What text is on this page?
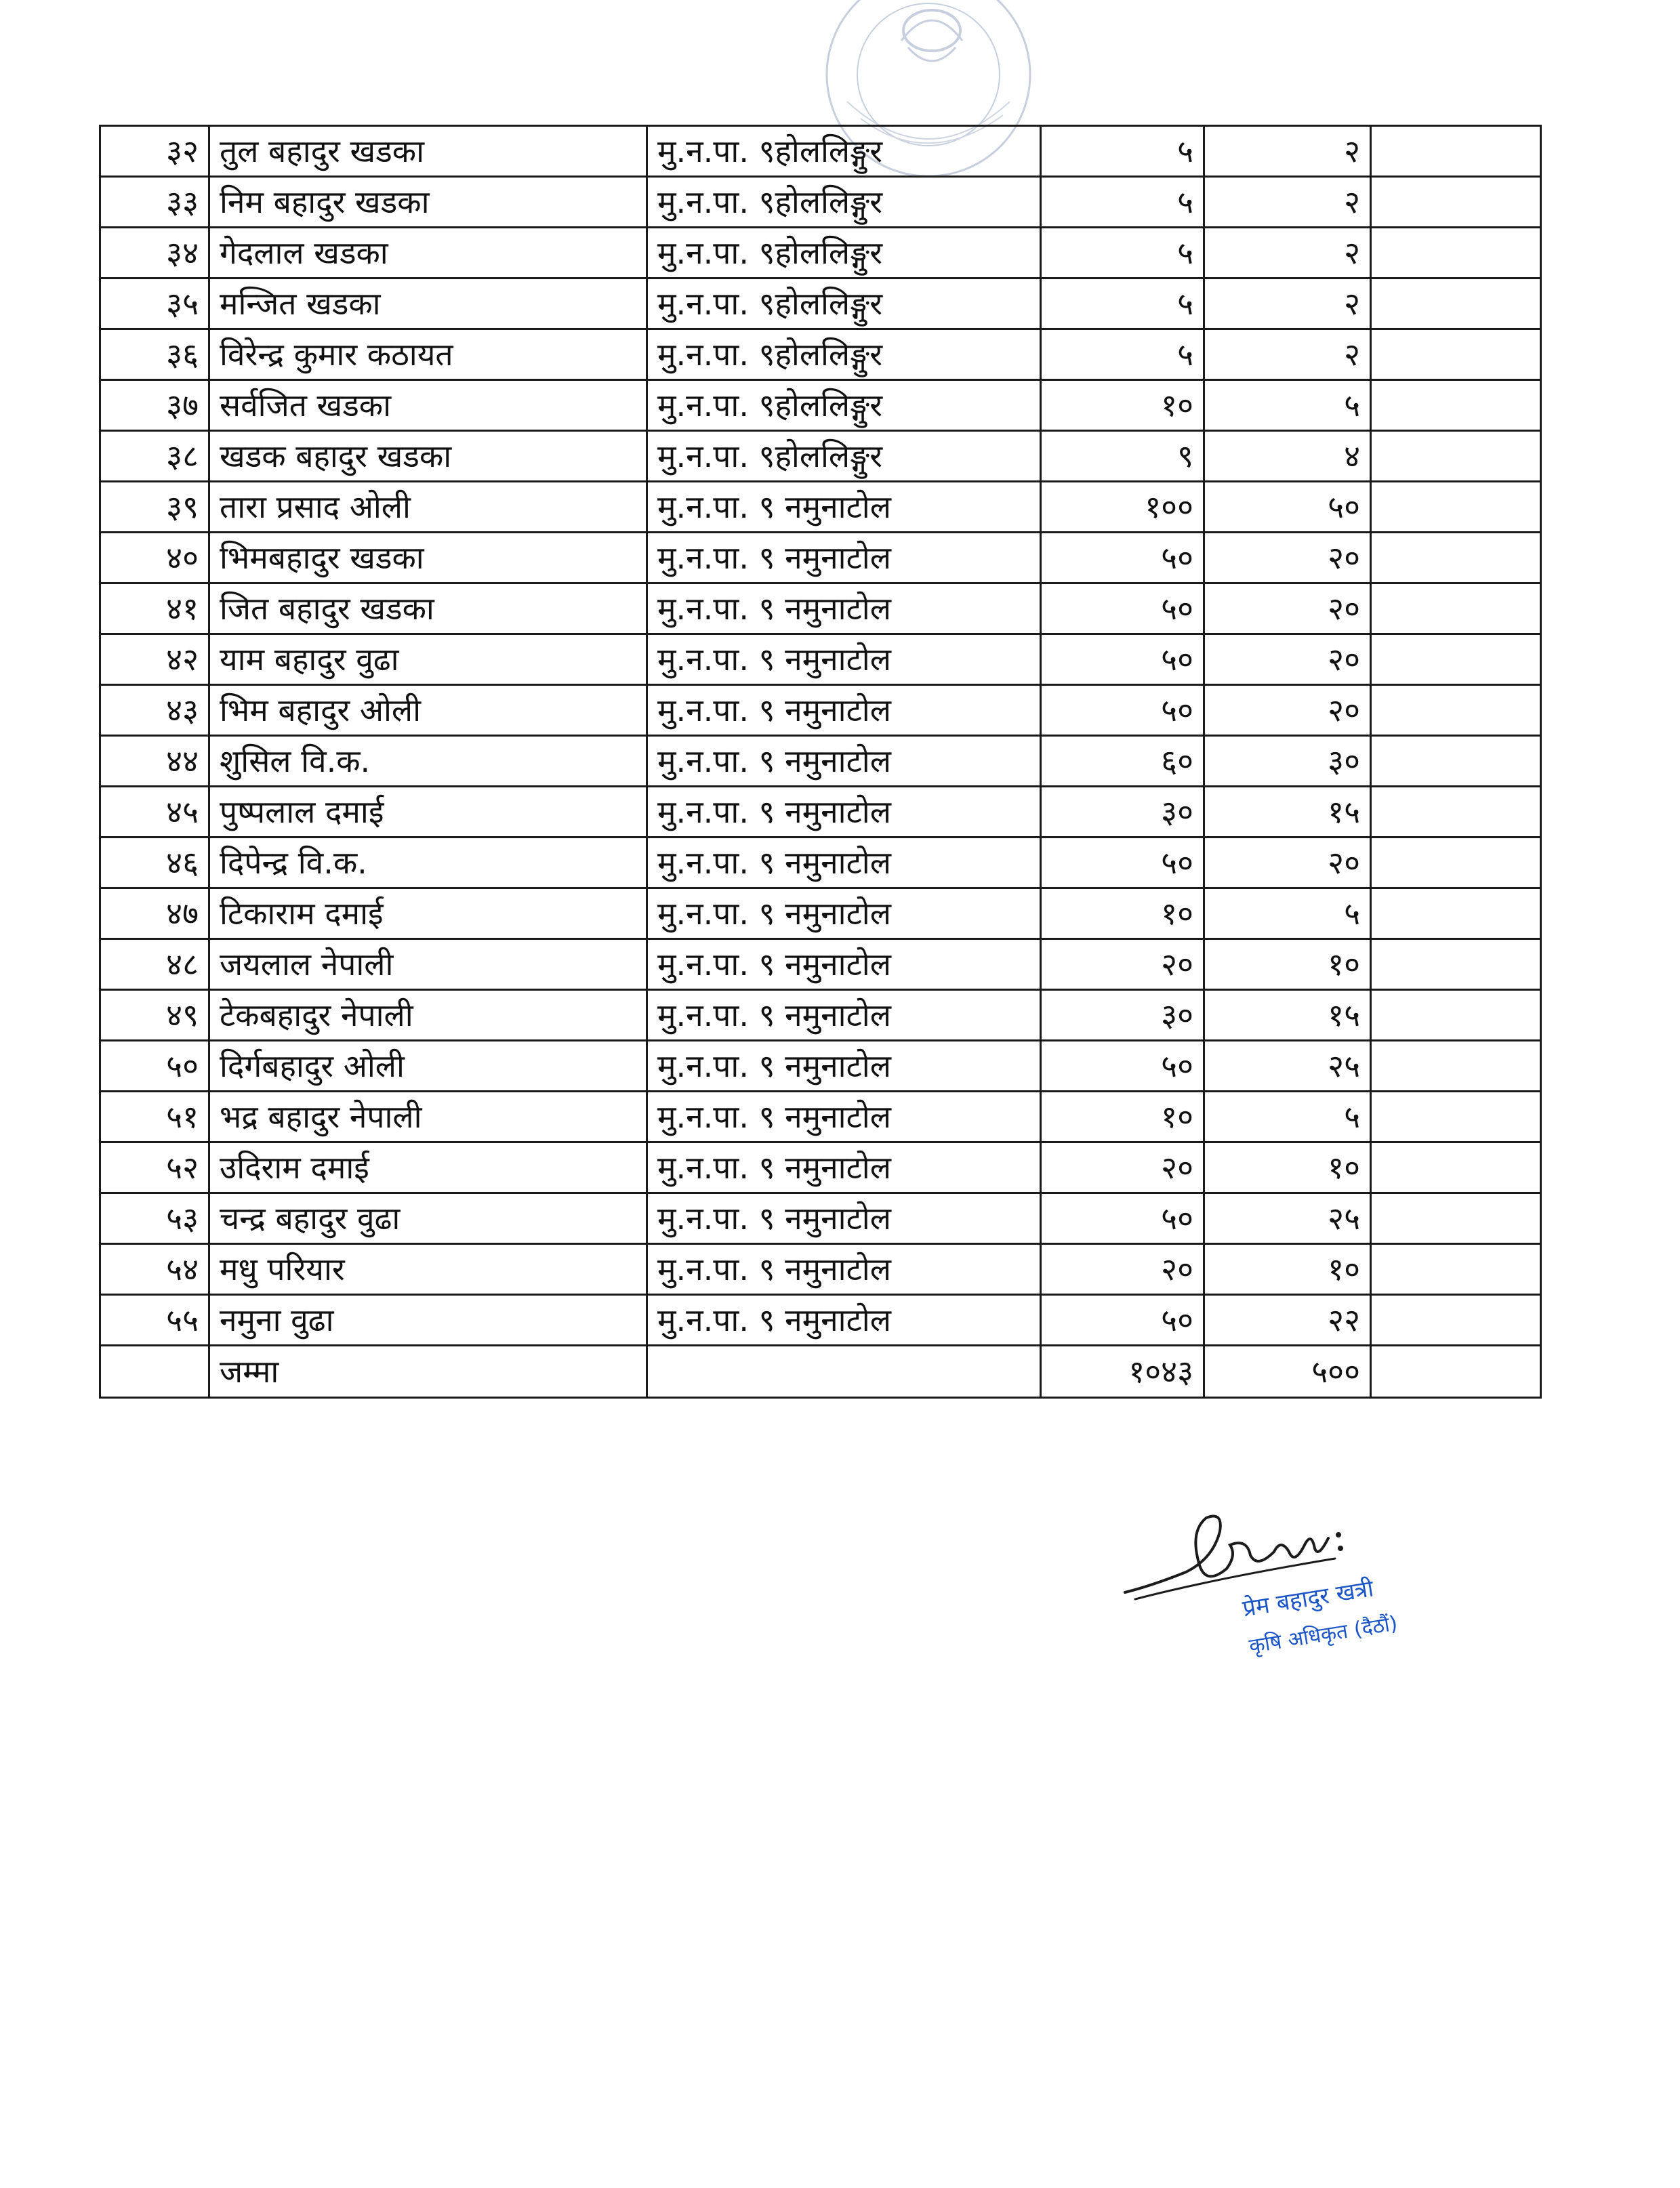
३२	तुल बहादुर खडका	मु.न.पा. ९होललिङ्गुर	५	२	
३३	निम बहादुर खडका	मु.न.पा. ९होललिङ्गुर	५	२	
३४	गेदलाल खडका	मु.न.पा. ९होललिङ्गुर	५	२	
३५	मन्जित खडका	मु.न.पा. ९होललिङ्गुर	५	२	
३६	विरेन्द्र कुमार कठायत	मु.न.पा. ९होललिङ्गुर	५	२	
३७	सर्वजित खडका	मु.न.पा. ९होललिङ्गुर	१०	५	
३८	खडक बहादुर खडका	मु.न.पा. ९होललिङ्गुर	९	४	
३९	तारा प्रसाद ओली	मु.न.पा. ९ नमुनाटोल	१००	५०	
४०	भिमबहादुर खडका	मु.न.पा. ९ नमुनाटोल	५०	२०	
४१	जित बहादुर खडका	मु.न.पा. ९ नमुनाटोल	५०	२०	
४२	याम बहादुर वुढा	मु.न.पा. ९ नमुनाटोल	५०	२०	
४३	भिम बहादुर ओली	मु.न.पा. ९ नमुनाटोल	५०	२०	
४४	शुसिल वि.क.	मु.न.पा. ९ नमुनाटोल	६०	३०	
४५	पुष्पलाल दमाई	मु.न.पा. ९ नमुनाटोल	३०	१५	
४६	दिपेन्द्र वि.क.	मु.न.पा. ९ नमुनाटोल	५०	२०	
४७	टिकाराम दमाई	मु.न.पा. ९ नमुनाटोल	१०	५	
४८	जयलाल नेपाली	मु.न.पा. ९ नमुनाटोल	२०	१०	
४९	टेकबहादुर नेपाली	मु.न.पा. ९ नमुनाटोल	३०	१५	
५०	दिर्गबहादुर ओली	मु.न.पा. ९ नमुनाटोल	५०	२५	
५१	भद्र बहादुर नेपाली	मु.न.पा. ९ नमुनाटोल	१०	५	
५२	उदिराम दमाई	मु.न.पा. ९ नमुनाटोल	२०	१०	
५३	चन्द्र बहादुर वुढा	मु.न.पा. ९ नमुनाटोल	५०	२५	
५४	मधु परियार	मु.न.पा. ९ नमुनाटोल	२०	१०	
५५	नमुना वुढा	मु.न.पा. ९ नमुनाटोल	५०	२२	
	जम्मा		१०४३	५००	
प्रेम बहादुर खत्री
कृषि अधिकृत (दैठौं)
